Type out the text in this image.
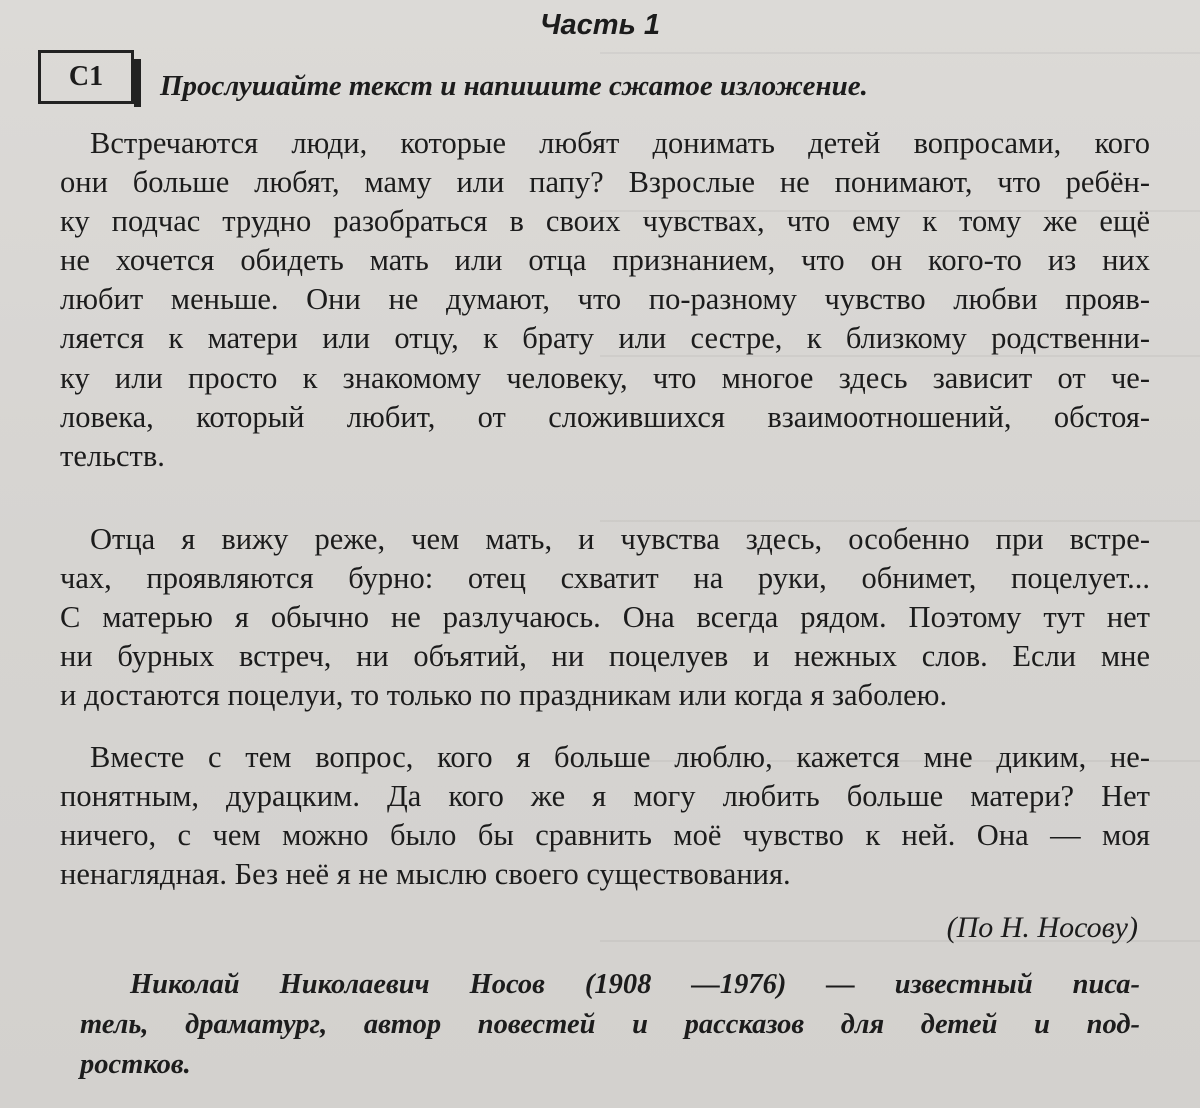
Часть 1
С1	Прослушайте текст и напишите сжатое изложение.
Встречаются люди, которые любят донимать детей вопросами, кого
они больше любят, маму или папу? Взрослые не понимают, что ребён-
ку подчас трудно разобраться в своих чувствах, что ему к тому же ещё
не хочется обидеть мать или отца признанием, что он кого-то из них
любит меньше. Они не думают, что по-разному чувство любви прояв-
ляется к матери или отцу, к брату или сестре, к близкому родственни-
ку или просто к знакомому человеку, что многое здесь зависит от че-
ловека, который любит, от сложившихся взаимоотношений, обстоя-
тельств.
Отца я вижу реже, чем мать, и чувства здесь, особенно при встре-
чах, проявляются бурно: отец схватит на руки, обнимет, поцелует...
С матерью я обычно не разлучаюсь. Она всегда рядом. Поэтому тут нет
ни бурных встреч, ни объятий, ни поцелуев и нежных слов. Если мне
и достаются поцелуи, то только по праздникам или когда я заболею.
Вместе с тем вопрос, кого я больше люблю, кажется мне диким, не-
понятным, дурацким. Да кого же я могу любить больше матери? Нет
ничего, с чем можно было бы сравнить моё чувство к ней. Она — моя
ненаглядная. Без неё я не мыслю своего существования.
(По Н. Носову)
Николай Николаевич Носов (1908 —1976) — известный писа-
тель, драматург, автор повестей и рассказов для детей и под-
ростков.
